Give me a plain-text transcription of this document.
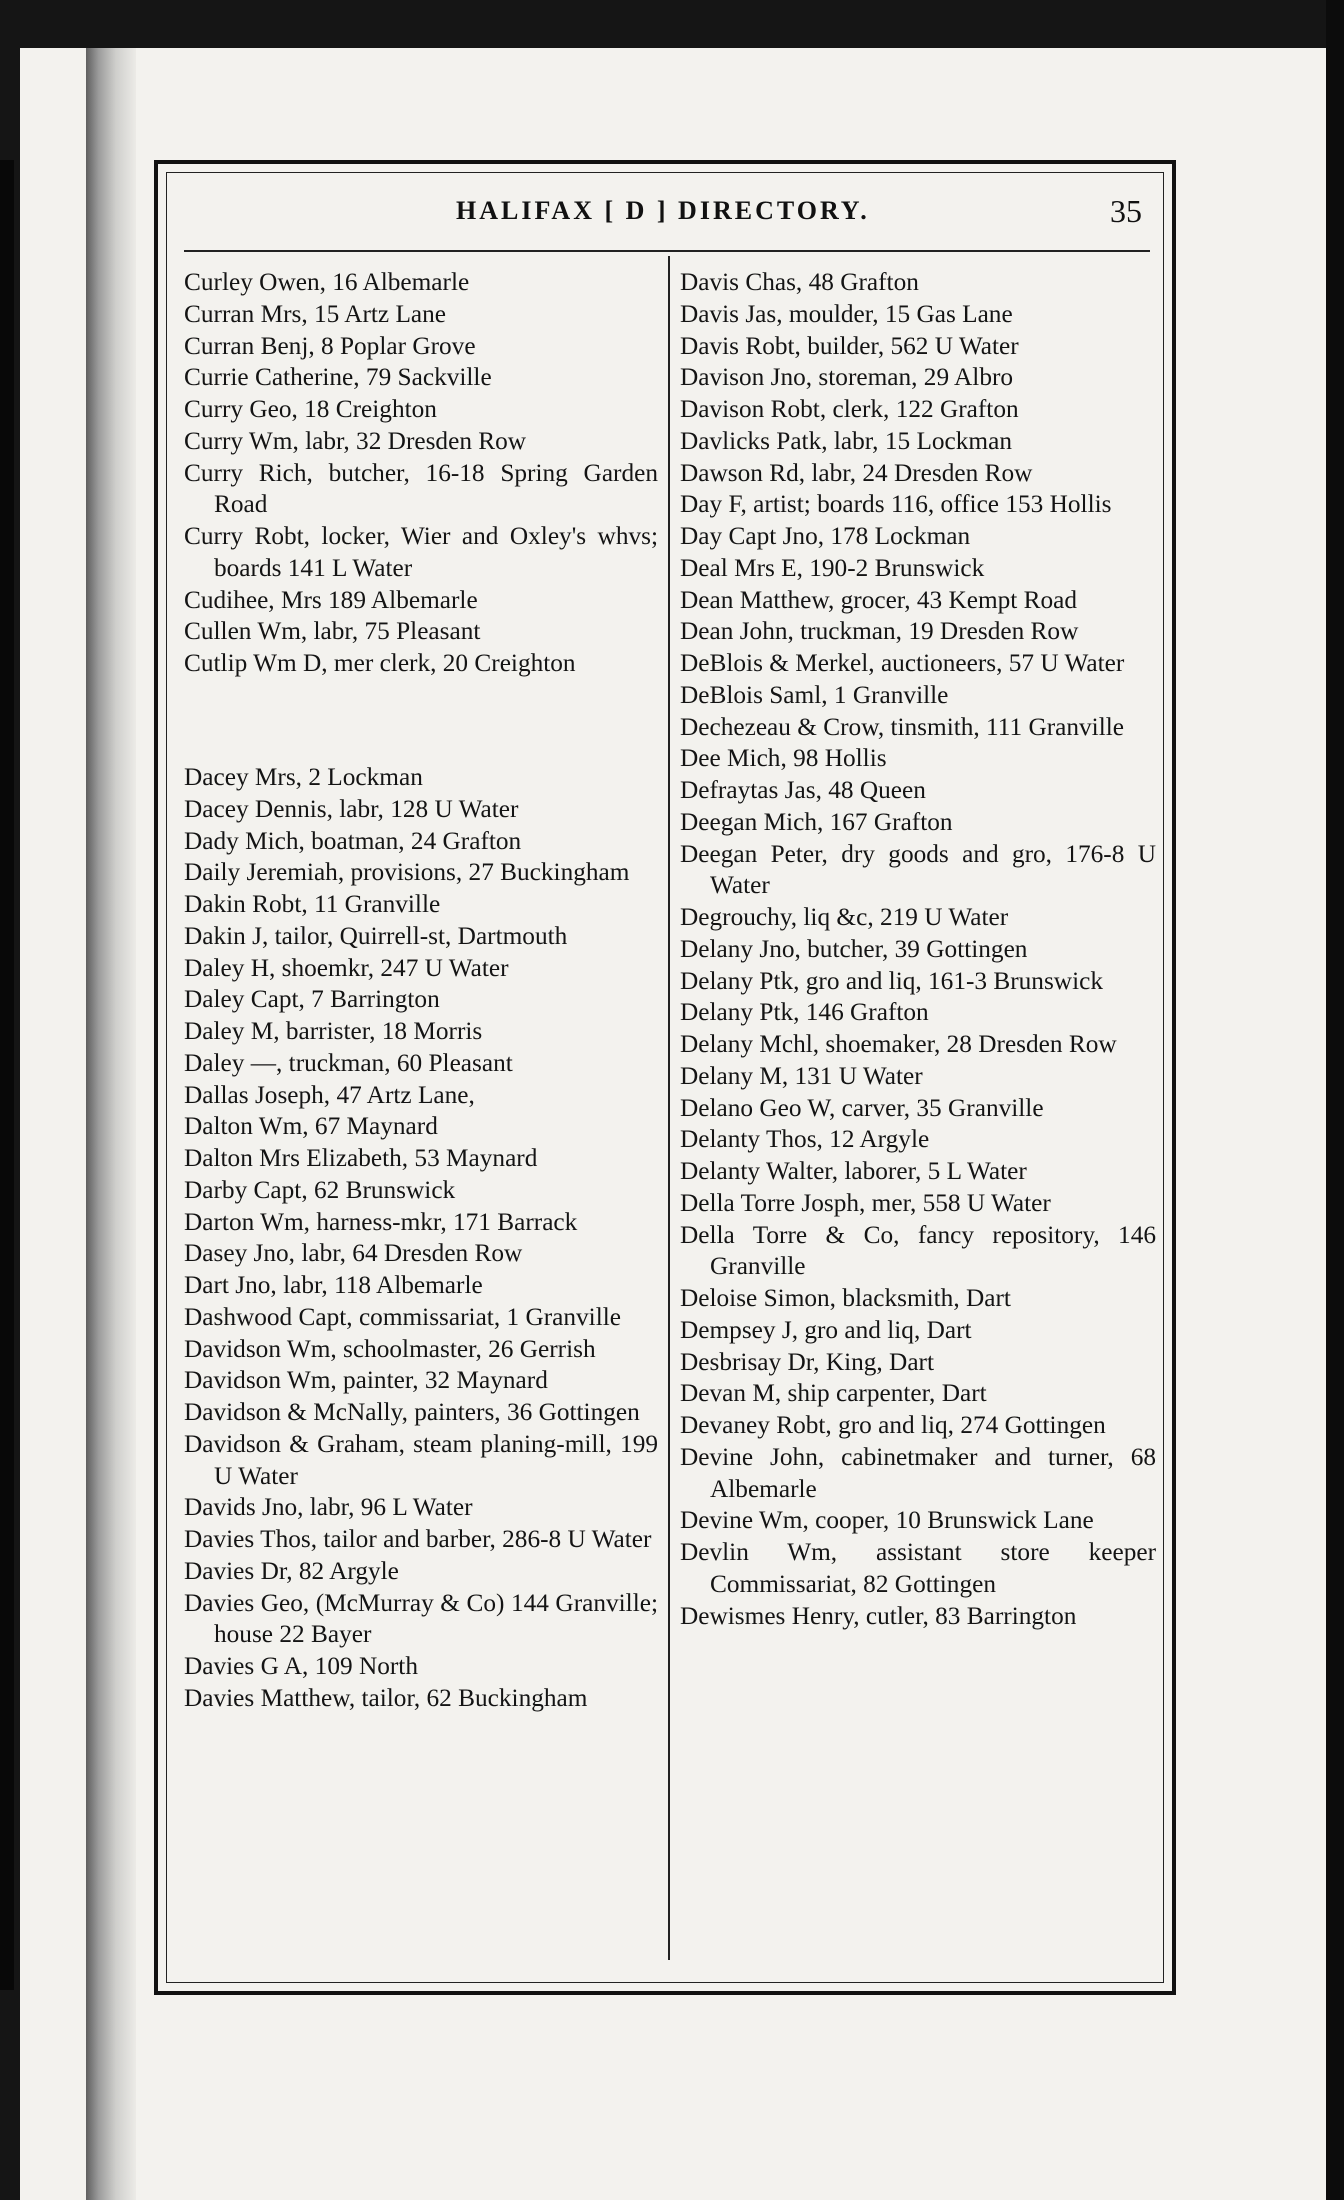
HALIFAX [ D ] DIRECTORY.	35

Curley Owen, 16 Albemarle

Curran Mrs, 15 Artz Lane

Curran Benj, 8 Poplar Grove

Currie Catherine, 79 Sackville

Curry Geo, 18 Creighton

Curry Wm, labr, 32 Dresden Row

Curry Rich, butcher, 16-18 Spring Garden Road

Curry Robt, locker, Wier and Oxley's whvs; boards 141 L Water

Cudihee, Mrs 189 Albemarle

Cullen Wm, labr, 75 Pleasant

Cutlip Wm D, mer clerk, 20 Creighton

Dacey Mrs, 2 Lockman

Dacey Dennis, labr, 128 U Water

Dady Mich, boatman, 24 Grafton

Daily Jeremiah, provisions, 27 Buckingham

Dakin Robt, 11 Granville

Dakin J, tailor, Quirrell-st, Dartmouth

Daley H, shoemkr, 247 U Water

Daley Capt, 7 Barrington

Daley M, barrister, 18 Morris

Daley —, truckman, 60 Pleasant

Dallas Joseph, 47 Artz Lane,

Dalton Wm, 67 Maynard

Dalton Mrs Elizabeth, 53 Maynard

Darby Capt, 62 Brunswick

Darton Wm, harness-mkr, 171 Barrack

Dasey Jno, labr, 64 Dresden Row

Dart Jno, labr, 118 Albemarle

Dashwood Capt, commissariat, 1 Granville

Davidson Wm, schoolmaster, 26 Gerrish

Davidson Wm, painter, 32 Maynard

Davidson & McNally, painters, 36 Gottingen

Davidson & Graham, steam planing-mill, 199 U Water

Davids Jno, labr, 96 L Water

Davies Thos, tailor and barber, 286-8 U Water

Davies Dr, 82 Argyle

Davies Geo, (McMurray & Co) 144 Granville; house 22 Bayer

Davies G A, 109 North

Davies Matthew, tailor, 62 Buckingham

Davis Chas, 48 Grafton

Davis Jas, moulder, 15 Gas Lane

Davis Robt, builder, 562 U Water

Davison Jno, storeman, 29 Albro

Davison Robt, clerk, 122 Grafton

Davlicks Patk, labr, 15 Lockman

Dawson Rd, labr, 24 Dresden Row

Day F, artist; boards 116, office 153 Hollis

Day Capt Jno, 178 Lockman

Deal Mrs E, 190-2 Brunswick

Dean Matthew, grocer, 43 Kempt Road

Dean John, truckman, 19 Dresden Row

DeBlois & Merkel, auctioneers, 57 U Water

DeBlois Saml, 1 Granville

Dechezeau & Crow, tinsmith, 111 Granville

Dee Mich, 98 Hollis

Defraytas Jas, 48 Queen

Deegan Mich, 167 Grafton

Deegan Peter, dry goods and gro, 176-8 U Water

Degrouchy, liq &c, 219 U Water

Delany Jno, butcher, 39 Gottingen

Delany Ptk, gro and liq, 161-3 Brunswick

Delany Ptk, 146 Grafton

Delany Mchl, shoemaker, 28 Dresden Row

Delany M, 131 U Water

Delano Geo W, carver, 35 Granville

Delanty Thos, 12 Argyle

Delanty Walter, laborer, 5 L Water

Della Torre Josph, mer, 558 U Water

Della Torre & Co, fancy repository, 146 Granville

Deloise Simon, blacksmith, Dart

Dempsey J, gro and liq, Dart

Desbrisay Dr, King, Dart

Devan M, ship carpenter, Dart

Devaney Robt, gro and liq, 274 Gottingen

Devine John, cabinetmaker and turner, 68 Albemarle

Devine Wm, cooper, 10 Brunswick Lane

Devlin Wm, assistant store keeper Commissariat, 82 Gottingen

Dewismes Henry, cutler, 83 Barrington
